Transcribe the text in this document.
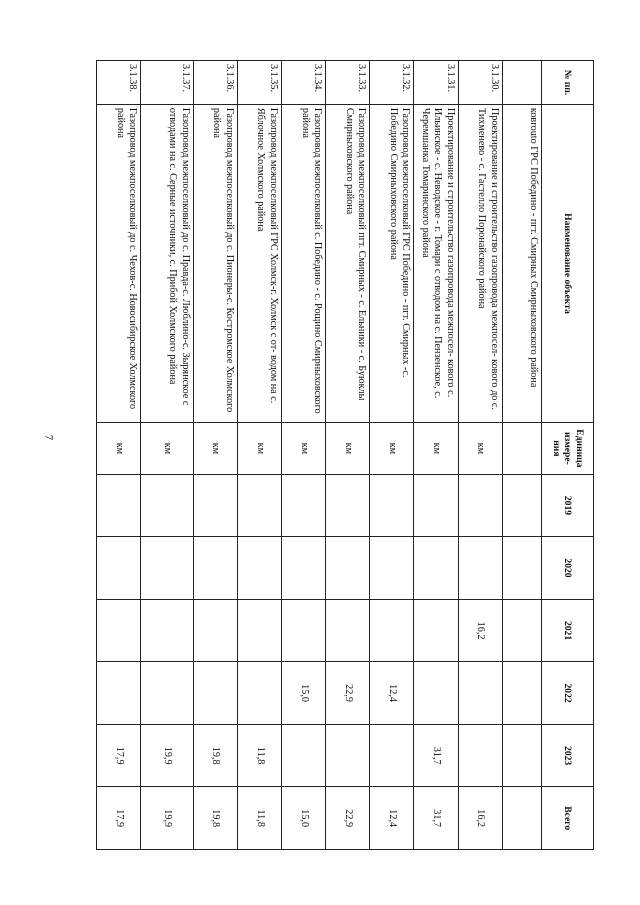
7
№ пп.	Наименование объекта	Единица измере- ния	2019	2020	2021	2022	2023	Всего
	ковrouto ГРС Победино - пгт. Смирных Смирныховского района							
3.1.30.	Проектирование и строительство газопровода межпосел- кового до с. Тихменево - с. Гастелло Поронайского района	км			16,2			16,2
3.1.31.	Проектирование и строительство газопровода межпосел- кового с. Ильинское - с. Неводское - г. Томари с отводом на с. Пензенское, с. Черемшанка Томаринского района	км					31,7	31,7
3.1.32.	Газопровод межпоселковый ГРС Победино - пгт. Смирных -с. Победино Смирныховского района	км				12,4		12,4
3.1.33.	Газопровод межпоселковый пгт. Смирных - с. Ельники - с. Буюклы Смирныховского района	км				22,9		22,9
3.1.34.	Газопровод межпоселковый с. Победино - с. Рощино Смирныховского района	км				15,0		15,0
3.1.35.	Газопровод межпоселковый ГРС Холмск-г. Холмск с от- водом на с. Яблочное Холмского района	км					11,8	11,8
3.1.36.	Газопровод межпоселковый до с. Пионеры-с. Костромское Холмского района	км					19,8	19,8
3.1.37.	Газопровод межпоселковый до с. Правда-с. Люблино-с. Зырянское с отводами на с. Серные источники, с. Прибой Холмского района	км					19,9	19,9
3.1.38.	Газопровод межпоселковый до с. Чехов-с. Новосибирское Холмского района	км					17,9	17,9
